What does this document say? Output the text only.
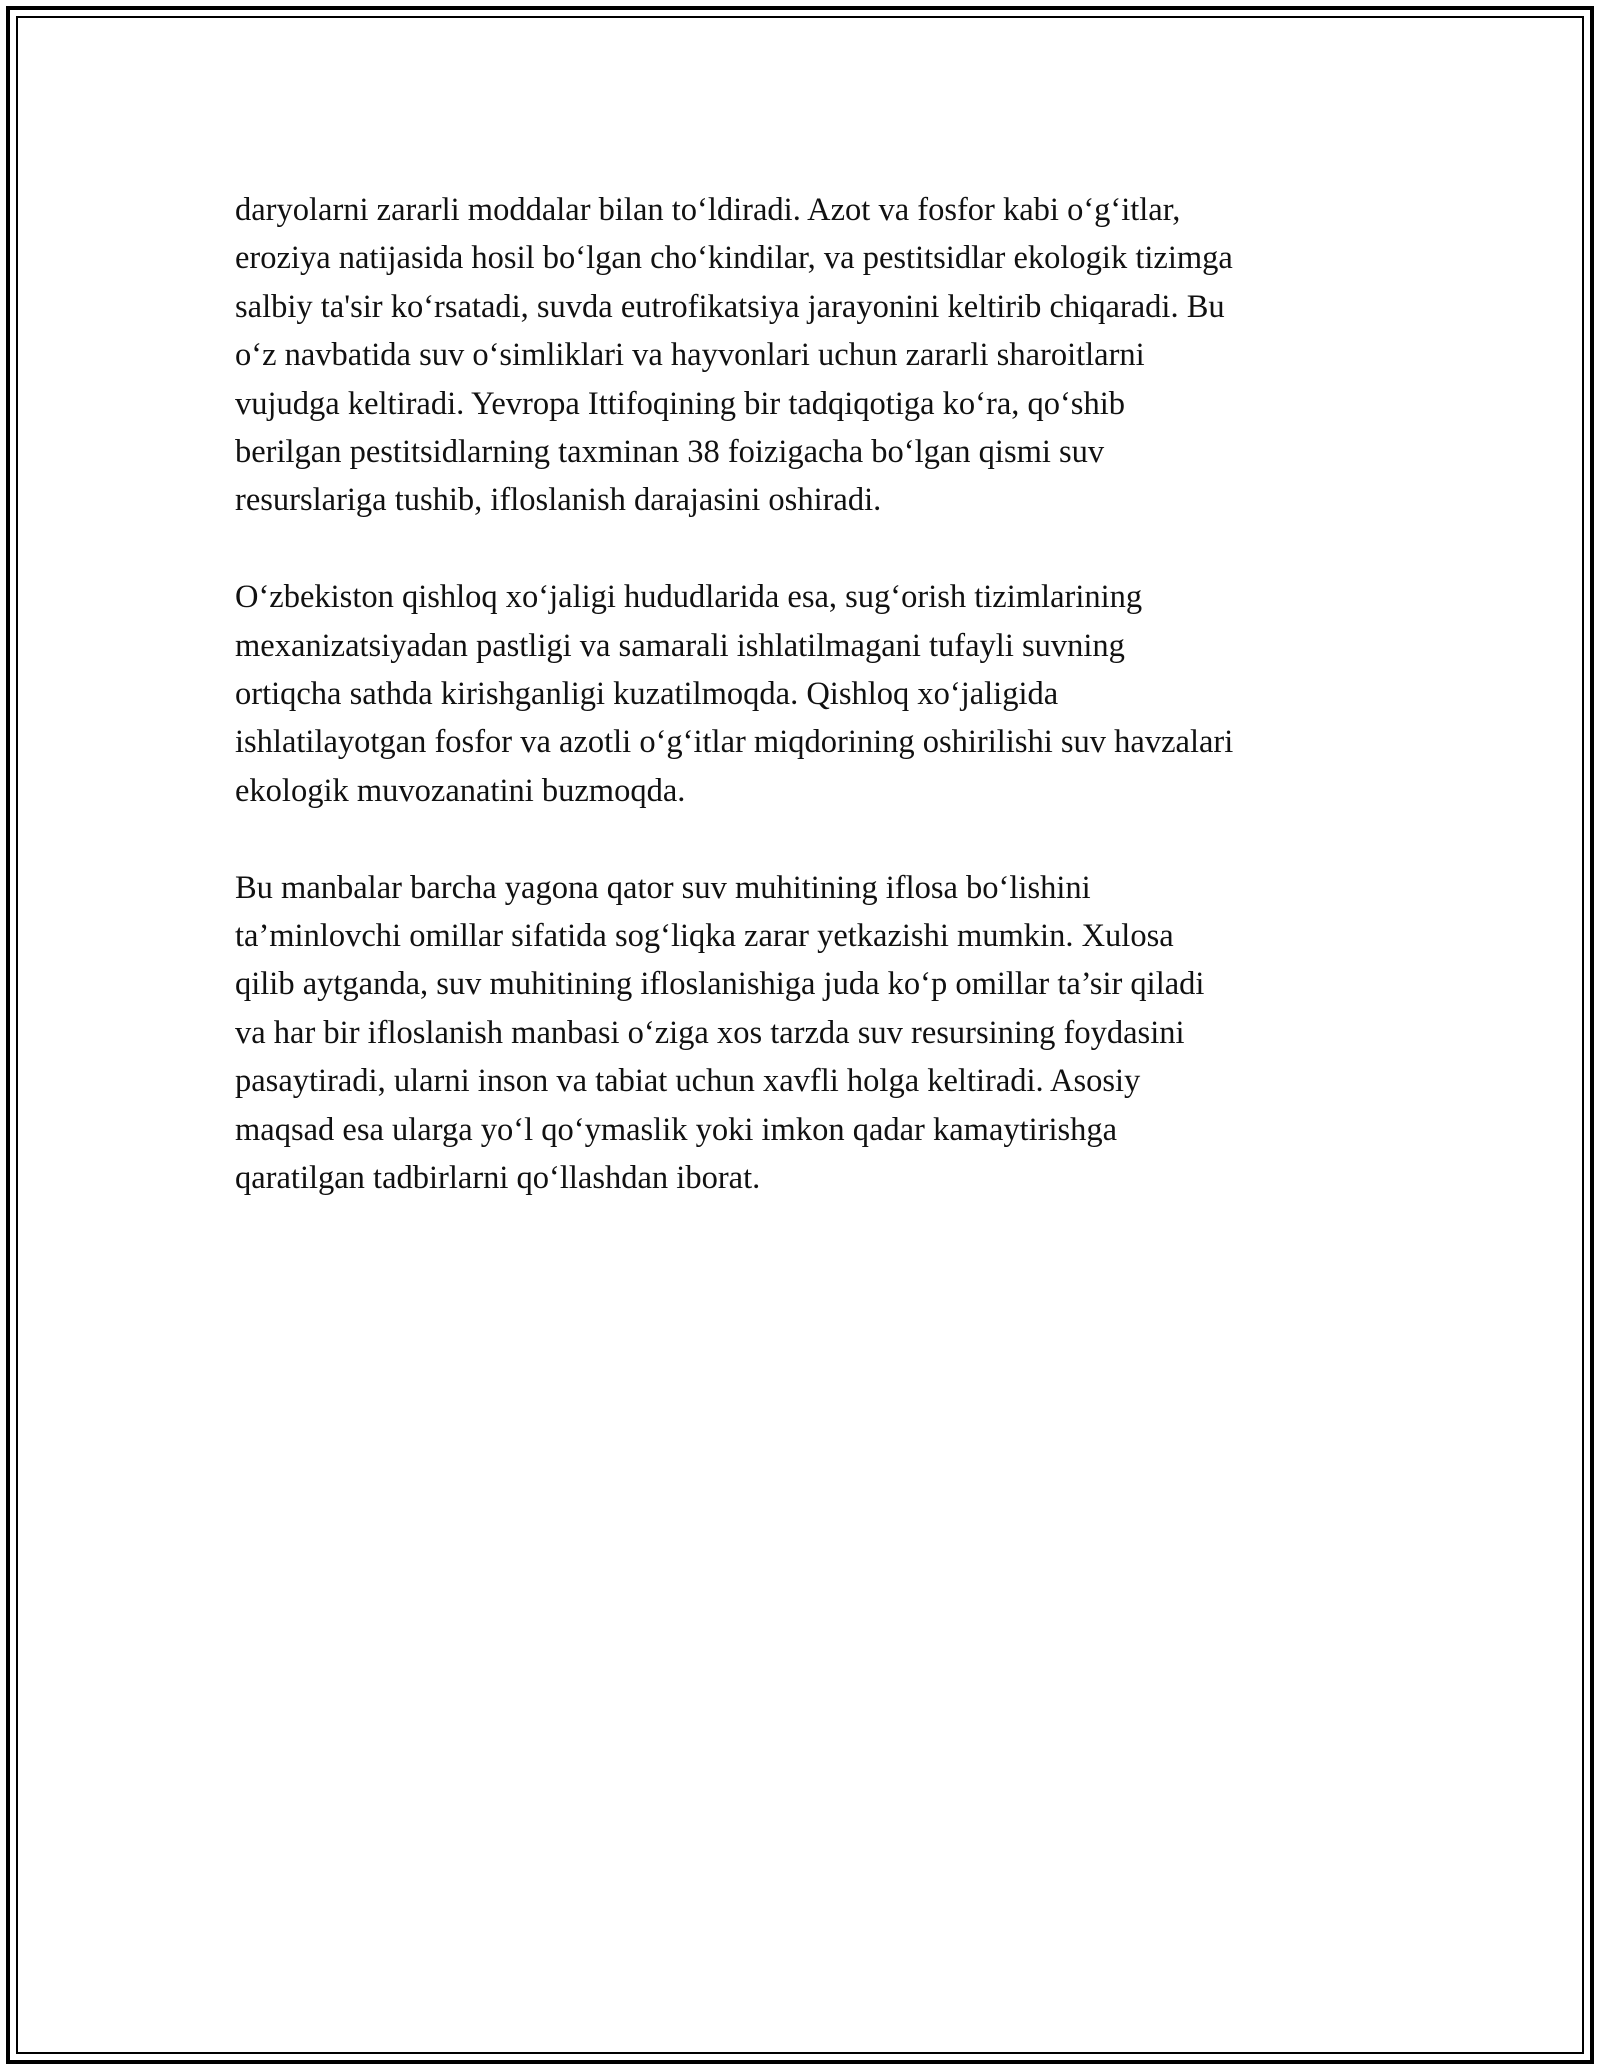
daryolarni zararli moddalar bilan to‘ldiradi. Azot va fosfor kabi o‘g‘itlar,
eroziya natijasida hosil bo‘lgan cho‘kindilar, va pestitsidlar ekologik tizimga
salbiy ta'sir ko‘rsatadi, suvda eutrofikatsiya jarayonini keltirib chiqaradi. Bu
o‘z navbatida suv o‘simliklari va hayvonlari uchun zararli sharoitlarni
vujudga keltiradi. Yevropa Ittifoqining bir tadqiqotiga ko‘ra, qo‘shib
berilgan pestitsidlarning taxminan 38 foizigacha bo‘lgan qismi suv
resurslariga tushib, ifloslanish darajasini oshiradi.

O‘zbekiston qishloq xo‘jaligi hududlarida esa, sug‘orish tizimlarining
mexanizatsiyadan pastligi va samarali ishlatilmagani tufayli suvning
ortiqcha sathda kirishganligi kuzatilmoqda. Qishloq xo‘jaligida
ishlatilayotgan fosfor va azotli o‘g‘itlar miqdorining oshirilishi suv havzalari
ekologik muvozanatini buzmoqda.

Bu manbalar barcha yagona qator suv muhitining iflosa bo‘lishini
ta’minlovchi omillar sifatida sog‘liqka zarar yetkazishi mumkin. Xulosa
qilib aytganda, suv muhitining ifloslanishiga juda ko‘p omillar ta’sir qiladi
va har bir ifloslanish manbasi o‘ziga xos tarzda suv resursining foydasini
pasaytiradi, ularni inson va tabiat uchun xavfli holga keltiradi. Asosiy
maqsad esa ularga yo‘l qo‘ymaslik yoki imkon qadar kamaytirishga
qaratilgan tadbirlarni qo‘llashdan iborat.
